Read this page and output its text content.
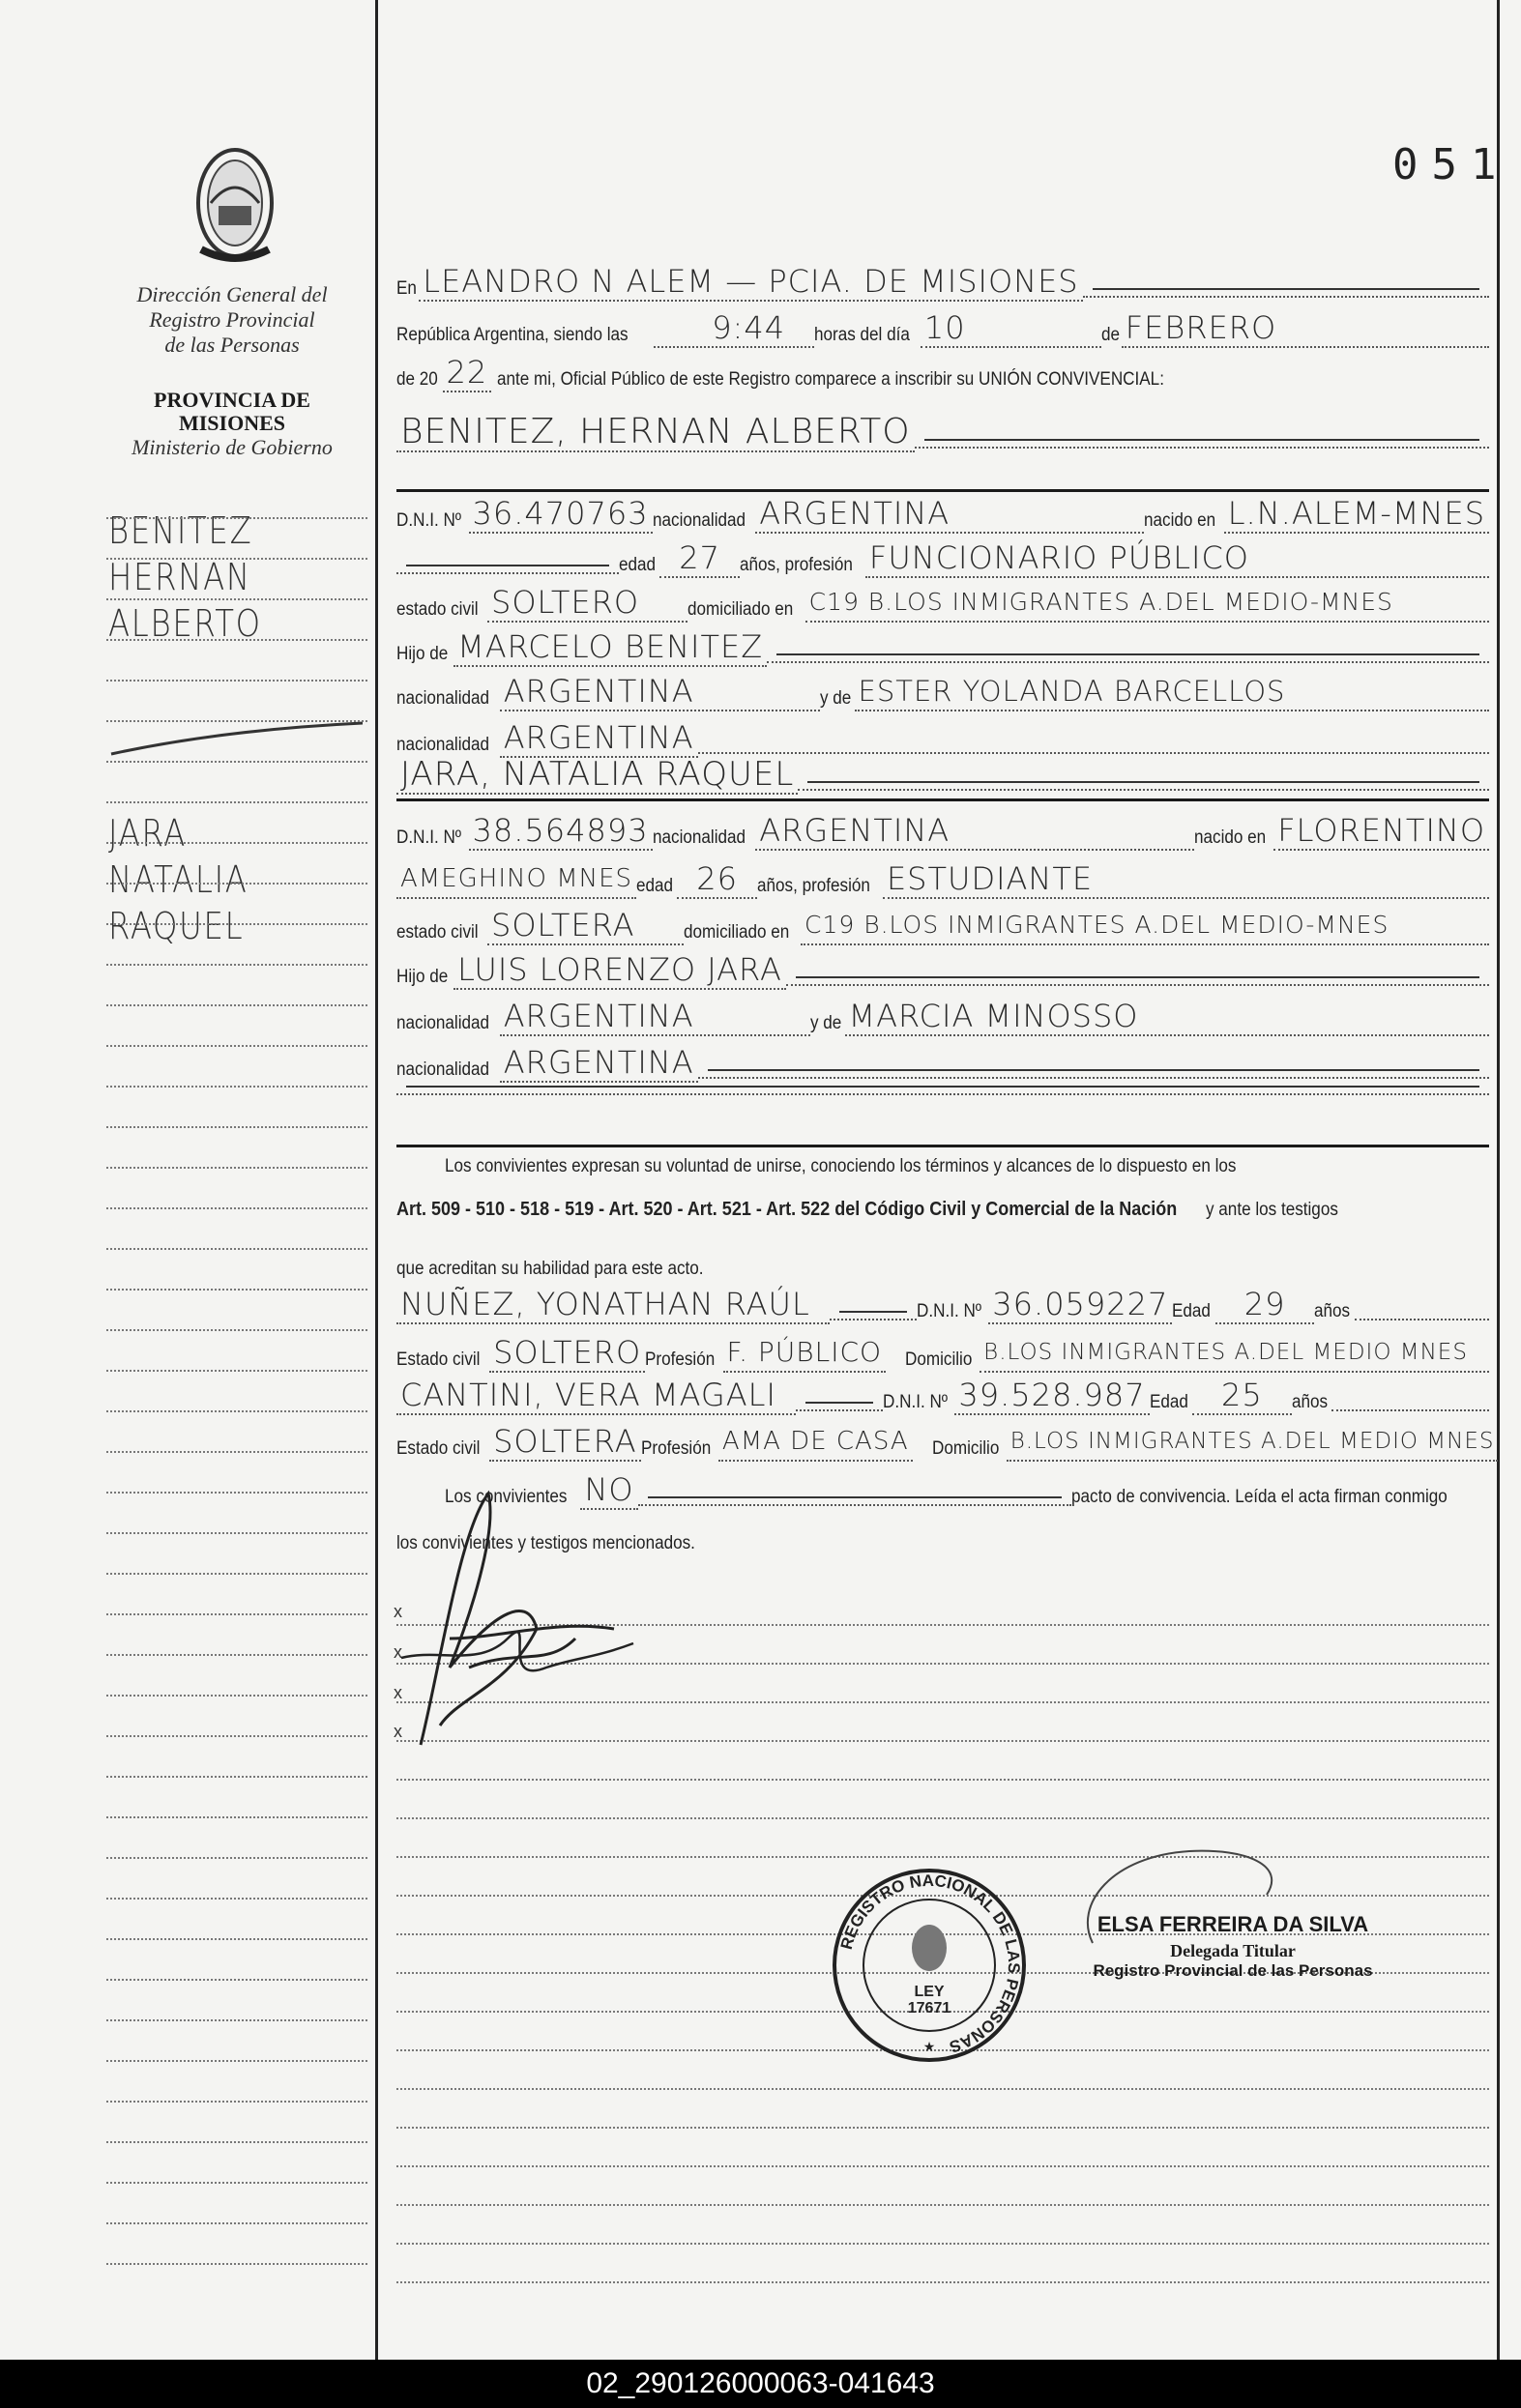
051
Dirección General del
Registro Provincial
de las Personas
PROVINCIA DE
MISIONES
Ministerio de Gobierno
BENITEZ
HERNAN
ALBERTO
JARA
NATALIA
RAQUEL
En LEANDRO N ALEM — PCIA. DE MISIONES
República Argentina, siendo las	9:44	horas del día 10	de FEBRERO
de 20 22 ante mi, Oficial Público de este Registro comparece a inscribir su UNIÓN CONVIVENCIAL:
BENITEZ, HERNAN ALBERTO
D.N.I. Nº 36.470763 nacionalidad ARGENTINA	nacido en L.N.ALEM-MNES
edad 27	años, profesión FUNCIONARIO PÚBLICO
estado civil SOLTERO	domiciliado en C19 B.LOS INMIGRANTES A.DEL MEDIO-MNES
Hijo de MARCELO BENITEZ
nacionalidad ARGENTINA	y de ESTER YOLANDA BARCELLOS
nacionalidad ARGENTINA
JARA, NATALIA RAQUEL
D.N.I. Nº 38.564893 nacionalidad ARGENTINA	nacido en FLORENTINO
AMEGHINO MNES edad 26	años, profesión ESTUDIANTE
estado civil SOLTERA	domiciliado en C19 B.LOS INMIGRANTES A.DEL MEDIO-MNES
Hijo de LUIS LORENZO JARA
nacionalidad ARGENTINA	y de MARCIA MINOSSO
nacionalidad ARGENTINA
Los convivientes expresan su voluntad de unirse, conociendo los términos y alcances de lo dispuesto en los
Art. 509 - 510 - 518 - 519 - Art. 520 - Art. 521 - Art. 522 del Código Civil y Comercial de la Nación y ante los testigos
que acreditan su habilidad para este acto.
NUÑEZ, YONATHAN RAÚL	D.N.I. Nº 36.059227 Edad	29	años
Estado civil SOLTERO Profesión F. PÚBLICO Domicilio B.LOS INMIGRANTES A.DEL MEDIO MNES
CANTINI, VERA MAGALI	D.N.I. Nº 39.528.987 Edad	25	años
Estado civil SOLTERA Profesión AMA DE CASA Domicilio B.LOS INMIGRANTES A.DEL MEDIO MNES
Los convivientes NO	pacto de convivencia. Leída el acta firman conmigo
los convivientes y testigos mencionados.
x
x
x
x
REGISTRO NACIONAL DE LAS PERSONAS
LEY
17671
★
ELSA FERREIRA DA SILVA
Delegada Titular
Registro Provincial de las Personas
02_290126000063-041643
